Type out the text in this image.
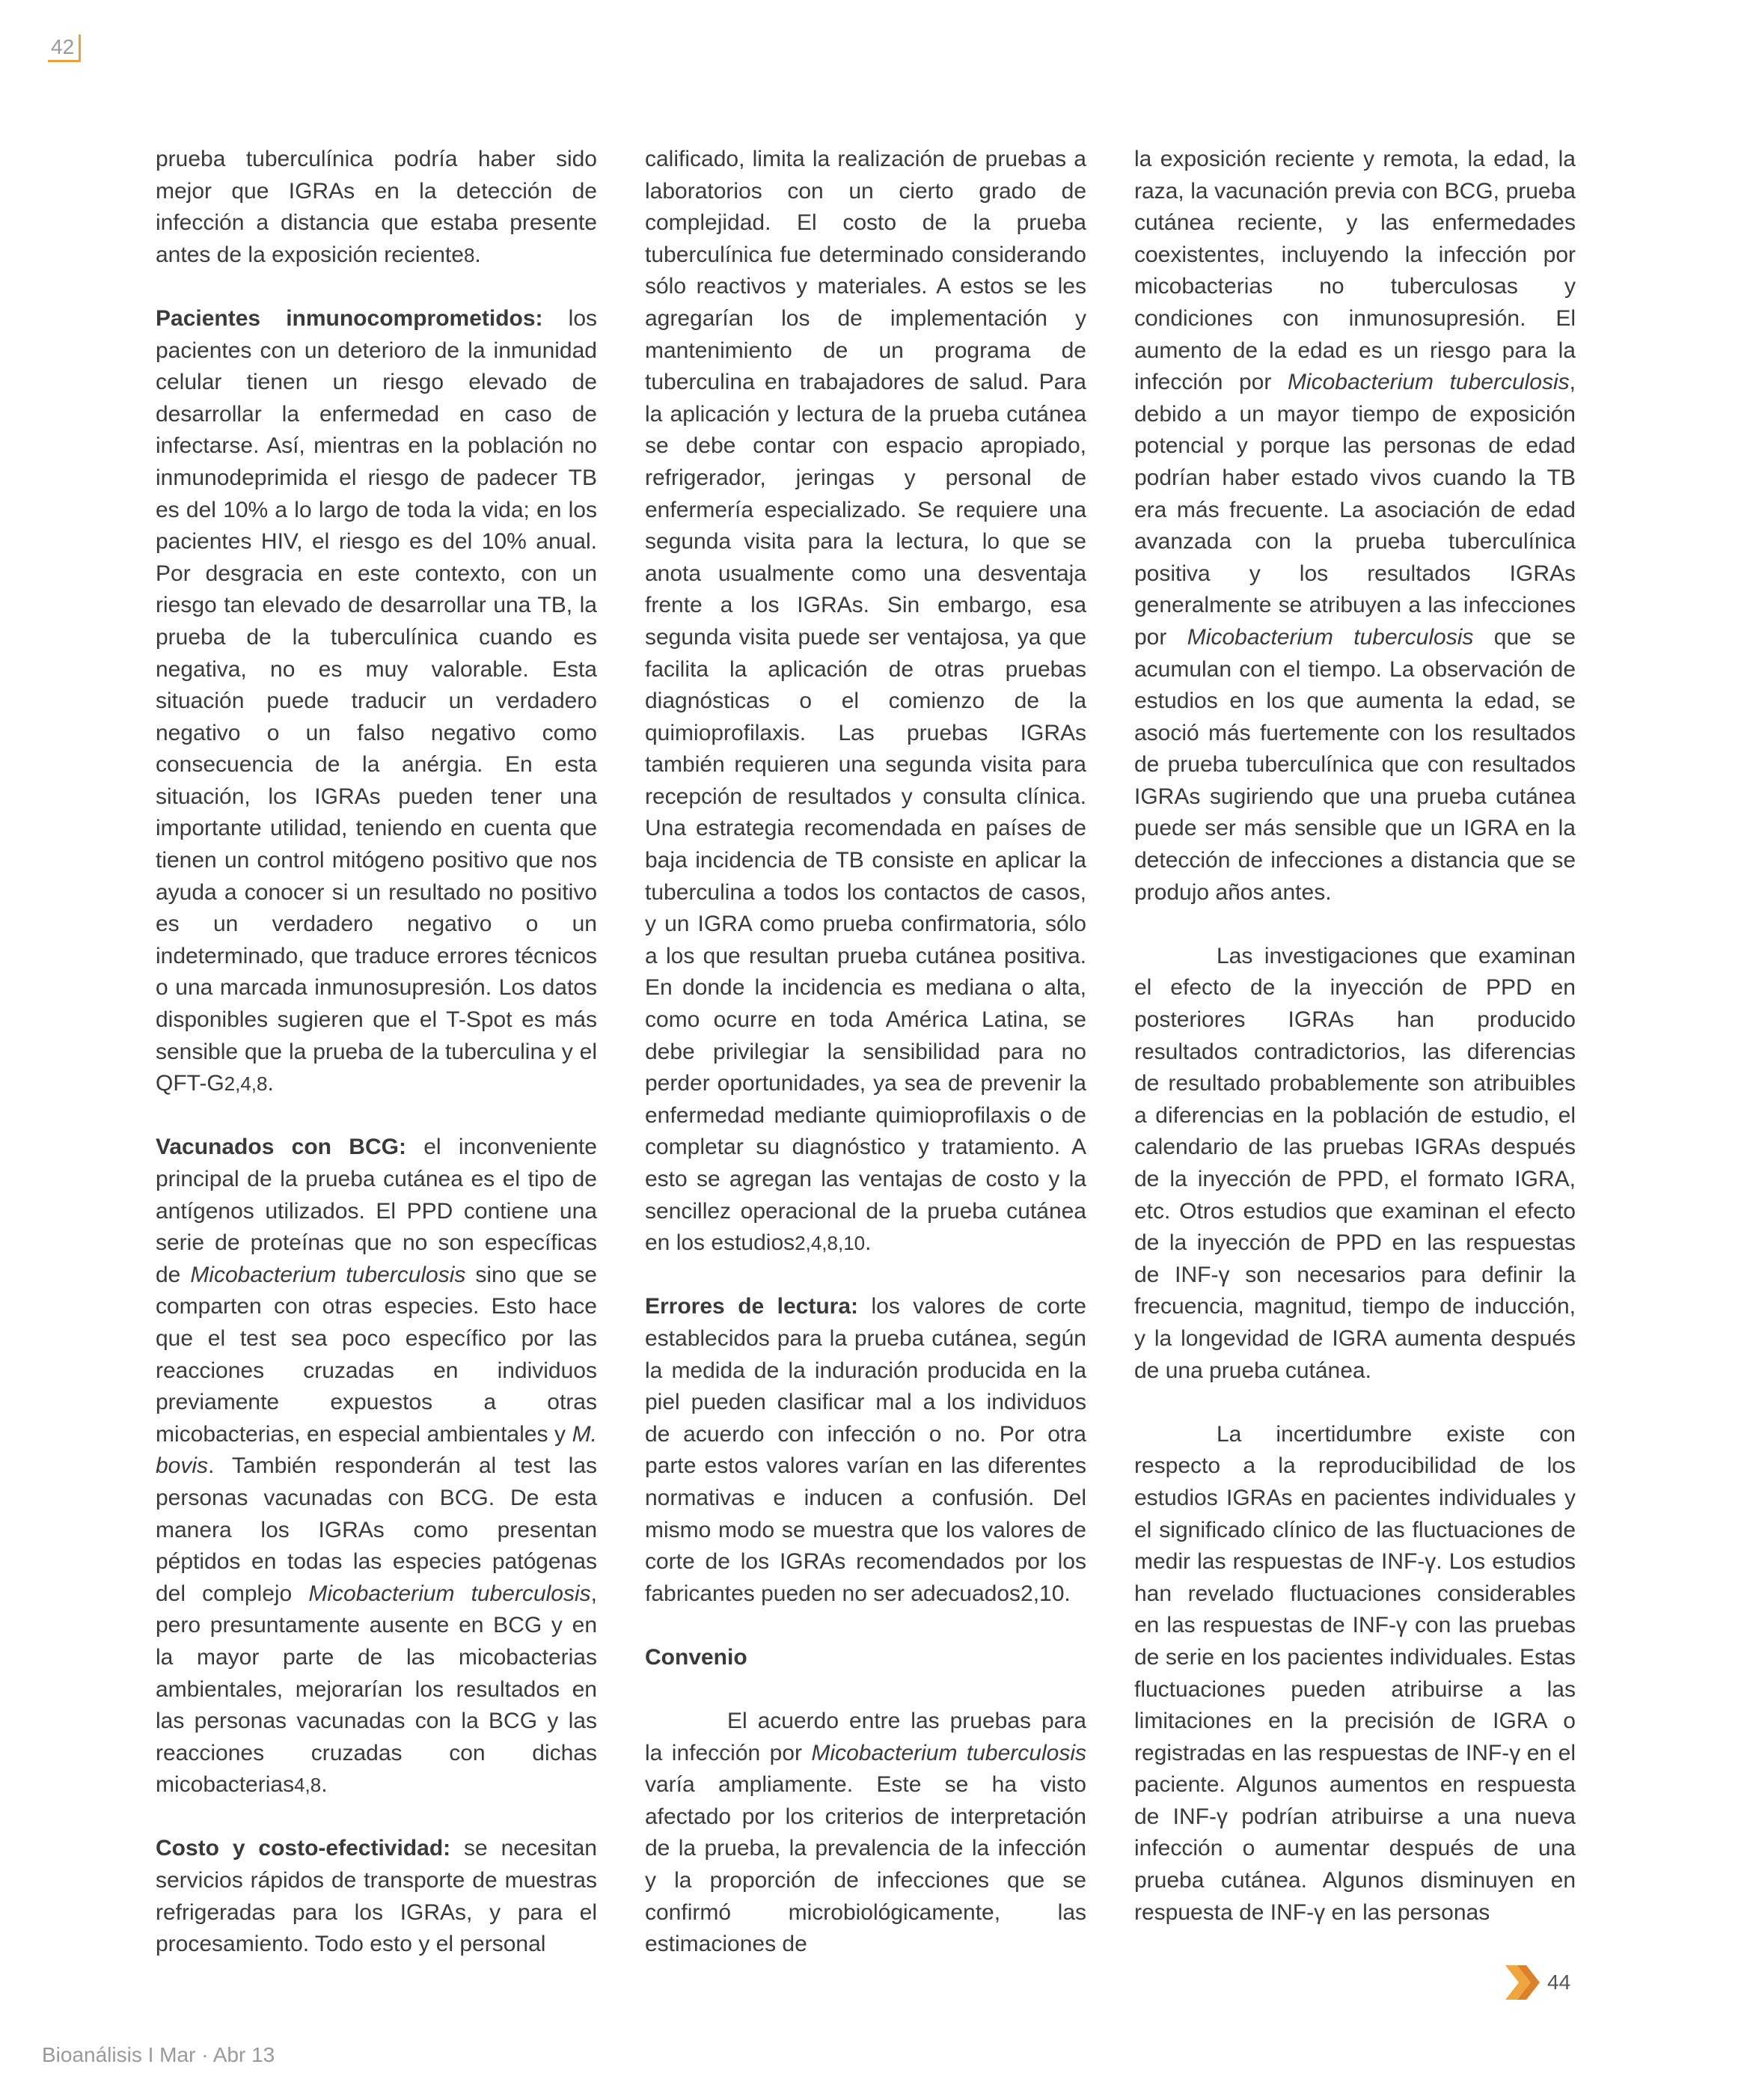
42

prueba tuberculínica podría haber sido mejor que IGRAs en la detección de infección a distancia que estaba presente antes de la exposición reciente8.

Pacientes inmunocomprometidos: los pacientes con un deterioro de la inmunidad celular tienen un riesgo elevado de desarrollar la enfermedad en caso de infectarse. Así, mientras en la población no inmunodeprimida el riesgo de padecer TB es del 10% a lo largo de toda la vida; en los pacientes HIV, el riesgo es del 10% anual. Por desgracia en este contexto, con un riesgo tan elevado de desarrollar una TB, la prueba de la tuberculínica cuando es negativa, no es muy valorable. Esta situación puede traducir un verdadero negativo o un falso negativo como consecuencia de la anérgia. En esta situación, los IGRAs pueden tener una importante utilidad, teniendo en cuenta que tienen un control mitógeno positivo que nos ayuda a conocer si un resultado no positivo es un verdadero negativo o un indeterminado, que traduce errores técnicos o una marcada inmunosupresión. Los datos disponibles sugieren que el T-Spot es más sensible que la prueba de la tuberculina y el QFT-G2,4,8.

Vacunados con BCG: el inconveniente principal de la prueba cutánea es el tipo de antígenos utilizados. El PPD contiene una serie de proteínas que no son específicas de Micobacterium tuberculosis sino que se comparten con otras especies. Esto hace que el test sea poco específico por las reacciones cruzadas en individuos previamente expuestos a otras micobacterias, en especial ambientales y M. bovis. También responderán al test las personas vacunadas con BCG. De esta manera los IGRAs como presentan péptidos en todas las especies patógenas del complejo Micobacterium tuberculosis, pero presuntamente ausente en BCG y en la mayor parte de las micobacterias ambientales, mejorarían los resultados en las personas vacunadas con la BCG y las reacciones cruzadas con dichas micobacterias4,8.

Costo y costo-efectividad: se necesitan servicios rápidos de transporte de muestras refrigeradas para los IGRAs, y para el procesamiento. Todo esto y el personal

calificado, limita la realización de pruebas a laboratorios con un cierto grado de complejidad. El costo de la prueba tuberculínica fue determinado considerando sólo reactivos y materiales. A estos se les agregarían los de implementación y mantenimiento de un programa de tuberculina en trabajadores de salud. Para la aplicación y lectura de la prueba cutánea se debe contar con espacio apropiado, refrigerador, jeringas y personal de enfermería especializado. Se requiere una segunda visita para la lectura, lo que se anota usualmente como una desventaja frente a los IGRAs. Sin embargo, esa segunda visita puede ser ventajosa, ya que facilita la aplicación de otras pruebas diagnósticas o el comienzo de la quimioprofilaxis. Las pruebas IGRAs también requieren una segunda visita para recepción de resultados y consulta clínica. Una estrategia recomendada en países de baja incidencia de TB consiste en aplicar la tuberculina a todos los contactos de casos, y un IGRA como prueba confirmatoria, sólo a los que resultan prueba cutánea positiva. En donde la incidencia es mediana o alta, como ocurre en toda América Latina, se debe privilegiar la sensibilidad para no perder oportunidades, ya sea de prevenir la enfermedad mediante quimioprofilaxis o de completar su diagnóstico y tratamiento. A esto se agregan las ventajas de costo y la sencillez operacional de la prueba cutánea en los estudios2,4,8,10.

Errores de lectura: los valores de corte establecidos para la prueba cutánea, según la medida de la induración producida en la piel pueden clasificar mal a los individuos de acuerdo con infección o no. Por otra parte estos valores varían en las diferentes normativas e inducen a confusión. Del mismo modo se muestra que los valores de corte de los IGRAs recomendados por los fabricantes pueden no ser adecuados2,10.

Convenio

El acuerdo entre las pruebas para la infección por Micobacterium tuberculosis varía ampliamente. Este se ha visto afectado por los criterios de interpretación de la prueba, la prevalencia de la infección y la proporción de infecciones que se confirmó microbiológicamente, las estimaciones de

la exposición reciente y remota, la edad, la raza, la vacunación previa con BCG, prueba cutánea reciente, y las enfermedades coexistentes, incluyendo la infección por micobacterias no tuberculosas y condiciones con inmunosupresión. El aumento de la edad es un riesgo para la infección por Micobacterium tuberculosis, debido a un mayor tiempo de exposición potencial y porque las personas de edad podrían haber estado vivos cuando la TB era más frecuente. La asociación de edad avanzada con la prueba tuberculínica positiva y los resultados IGRAs generalmente se atribuyen a las infecciones por Micobacterium tuberculosis que se acumulan con el tiempo. La observación de estudios en los que aumenta la edad, se asoció más fuertemente con los resultados de prueba tuberculínica que con resultados IGRAs sugiriendo que una prueba cutánea puede ser más sensible que un IGRA en la detección de infecciones a distancia que se produjo años antes.

Las investigaciones que examinan el efecto de la inyección de PPD en posteriores IGRAs han producido resultados contradictorios, las diferencias de resultado probablemente son atribuibles a diferencias en la población de estudio, el calendario de las pruebas IGRAs después de la inyección de PPD, el formato IGRA, etc. Otros estudios que examinan el efecto de la inyección de PPD en las respuestas de INF-γ son necesarios para definir la frecuencia, magnitud, tiempo de inducción, y la longevidad de IGRA aumenta después de una prueba cutánea.

La incertidumbre existe con respecto a la reproducibilidad de los estudios IGRAs en pacientes individuales y el significado clínico de las fluctuaciones de medir las respuestas de INF-γ. Los estudios han revelado fluctuaciones considerables en las respuestas de INF-γ con las pruebas de serie en los pacientes individuales. Estas fluctuaciones pueden atribuirse a las limitaciones en la precisión de IGRA o registradas en las respuestas de INF-γ en el paciente. Algunos aumentos en respuesta de INF-γ podrían atribuirse a una nueva infección o aumentar después de una prueba cutánea. Algunos disminuyen en respuesta de INF-γ en las personas

44
Bioanálisis I Mar · Abr 13
